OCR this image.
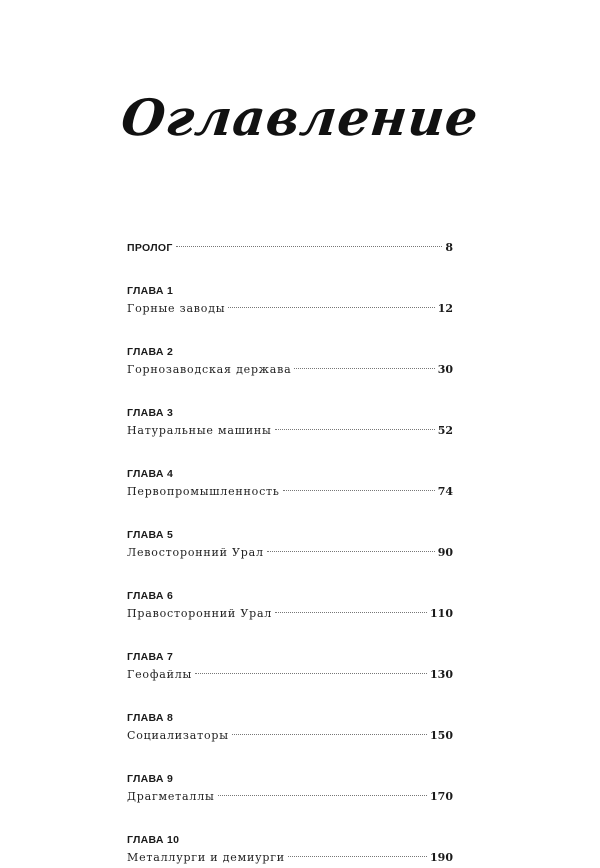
Оглавление
ПРОЛОГ	8
ГЛАВА 1
Горные заводы	12
ГЛАВА 2
Горнозаводская держава	30
ГЛАВА 3
Натуральные машины	52
ГЛАВА 4
Первопромышленность	74
ГЛАВА 5
Левосторонний Урал	90
ГЛАВА 6
Правосторонний Урал	110
ГЛАВА 7
Геофайлы	130
ГЛАВА 8
Социализаторы	150
ГЛАВА 9
Драгметаллы	170
ГЛАВА 10
Металлурги и демиурги	190
